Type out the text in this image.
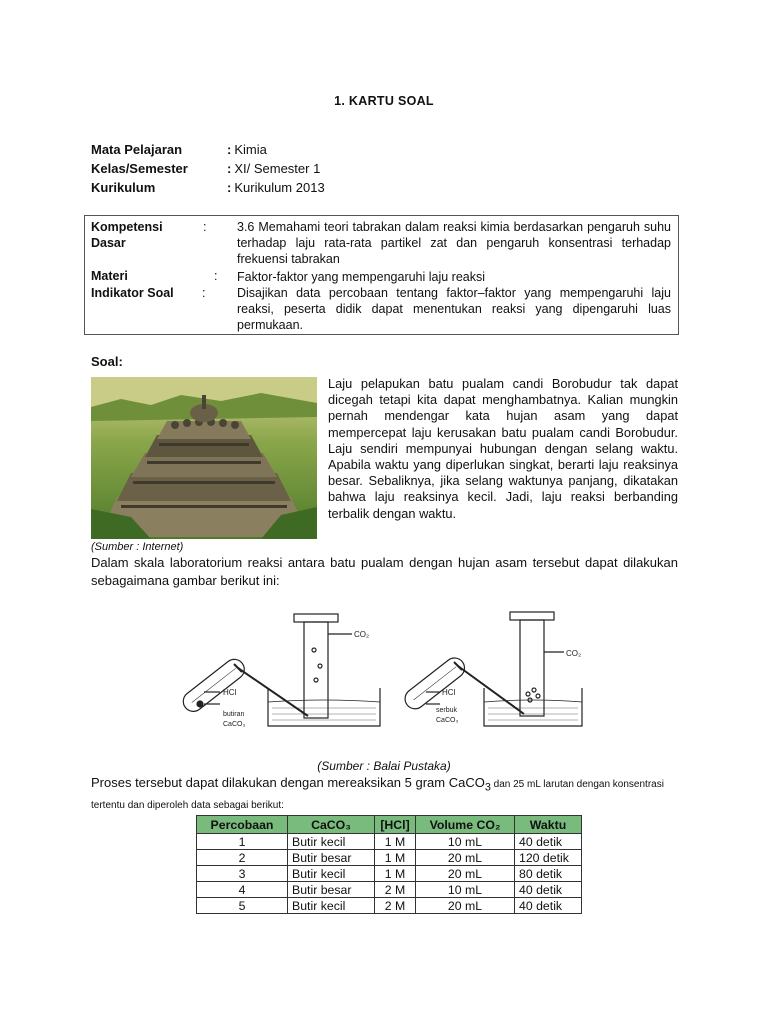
1. KARTU SOAL
Mata Pelajaran	: Kimia
Kelas/Semester	: XI/ Semester 1
Kurikulum	: Kurikulum 2013
Kompetensi
Dasar
: 3.6 Memahami teori tabrakan dalam reaksi kimia berdasarkan pengaruh suhu terhadap laju rata-rata partikel zat dan pengaruh konsentrasi terhadap frekuensi tabrakan
Materi	: Faktor-faktor yang mempengaruhi laju reaksi
Indikator Soal :	Disajikan data percobaan tentang faktor–faktor yang mempengaruhi laju reaksi, peserta didik dapat menentukan reaksi yang dipengaruhi luas permukaan.
Soal:
Laju pelapukan batu pualam candi Borobudur tak dapat dicegah tetapi kita dapat menghambatnya. Kalian mungkin pernah mendengar kata hujan asam yang dapat mempercepat laju kerusakan batu pualam candi Borobudur. Laju sendiri mempunyai hubungan dengan selang waktu. Apabila waktu yang diperlukan singkat, berarti laju reaksinya besar. Sebaliknya, jika selang waktunya panjang, dikatakan bahwa laju reaksinya kecil. Jadi, laju reaksi berbanding terbalik dengan waktu.
(Sumber : Internet)
Dalam skala laboratorium reaksi antara batu pualam dengan hujan asam tersebut dapat dilakukan sebagaimana gambar berikut ini:
CO₂
HCl
butiran
CaCO₃
CO₂
HCl
serbuk
CaCO₃
(Sumber : Balai Pustaka)
Proses tersebut dapat dilakukan dengan mereaksikan 5 gram CaCO$_3$ dan 25 mL larutan dengan konsentrasi tertentu dan diperoleh data sebagai berikut:
Percobaan	CaCO₃	[HCl]	Volume CO₂	Waktu
1	Butir kecil	1 M	10 mL	40 detik
2	Butir besar	1 M	20 mL	120 detik
3	Butir kecil	1 M	20 mL	80 detik
4	Butir besar	2 M	10 mL	40 detik
5	Butir kecil	2 M	20 mL	40 detik
